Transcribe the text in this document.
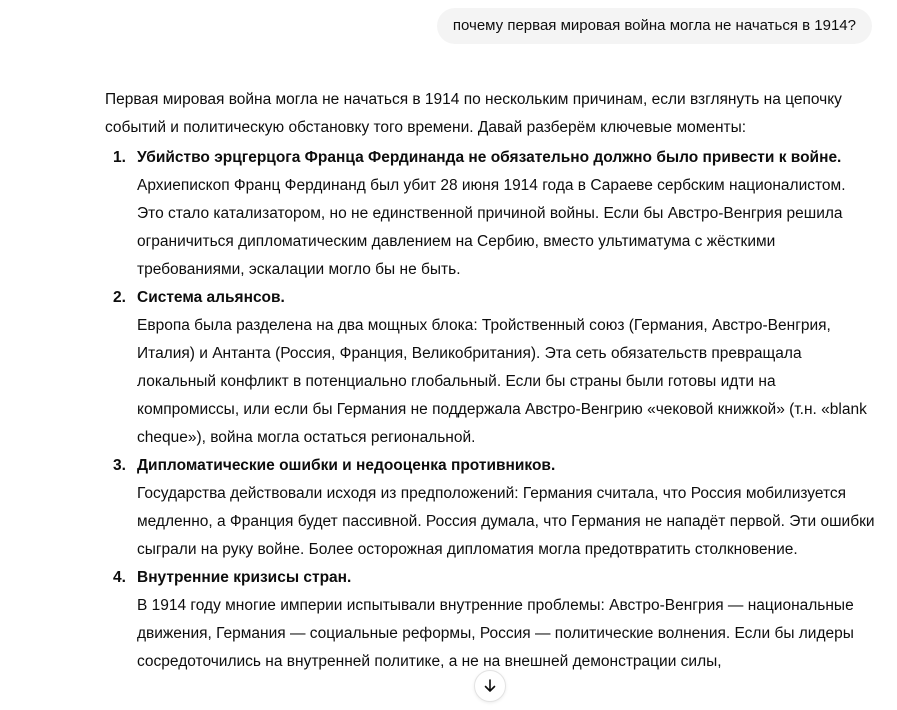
почему первая мировая война могла не начаться в 1914?

Первая мировая война могла не начаться в 1914 по нескольким причинам, если взглянуть на цепочку событий и политическую обстановку того времени. Давай разберём ключевые моменты:

1. Убийство эрцгерцога Франца Фердинанда не обязательно должно было привести к войне.
Архиепископ Франц Фердинанд был убит 28 июня 1914 года в Сараеве сербским националистом. Это стало катализатором, но не единственной причиной войны. Если бы Австро-Венгрия решила ограничиться дипломатическим давлением на Сербию, вместо ультиматума с жёсткими требованиями, эскалации могло бы не быть.
2. Система альянсов.
Европа была разделена на два мощных блока: Тройственный союз (Германия, Австро-Венгрия, Италия) и Антанта (Россия, Франция, Великобритания). Эта сеть обязательств превращала локальный конфликт в потенциально глобальный. Если бы страны были готовы идти на компромиссы, или если бы Германия не поддержала Австро-Венгрию «чековой книжкой» (т.н. «blank cheque»), война могла остаться региональной.
3. Дипломатические ошибки и недооценка противников.
Государства действовали исходя из предположений: Германия считала, что Россия мобилизуется медленно, а Франция будет пассивной. Россия думала, что Германия не нападёт первой. Эти ошибки сыграли на руку войне. Более осторожная дипломатия могла предотвратить столкновение.
4. Внутренние кризисы стран.
В 1914 году многие империи испытывали внутренние проблемы: Австро-Венгрия — национальные движения, Германия — социальные реформы, Россия — политические волнения. Если бы лидеры сосредоточились на внутренней политике, а не на внешней демонстрации силы,
